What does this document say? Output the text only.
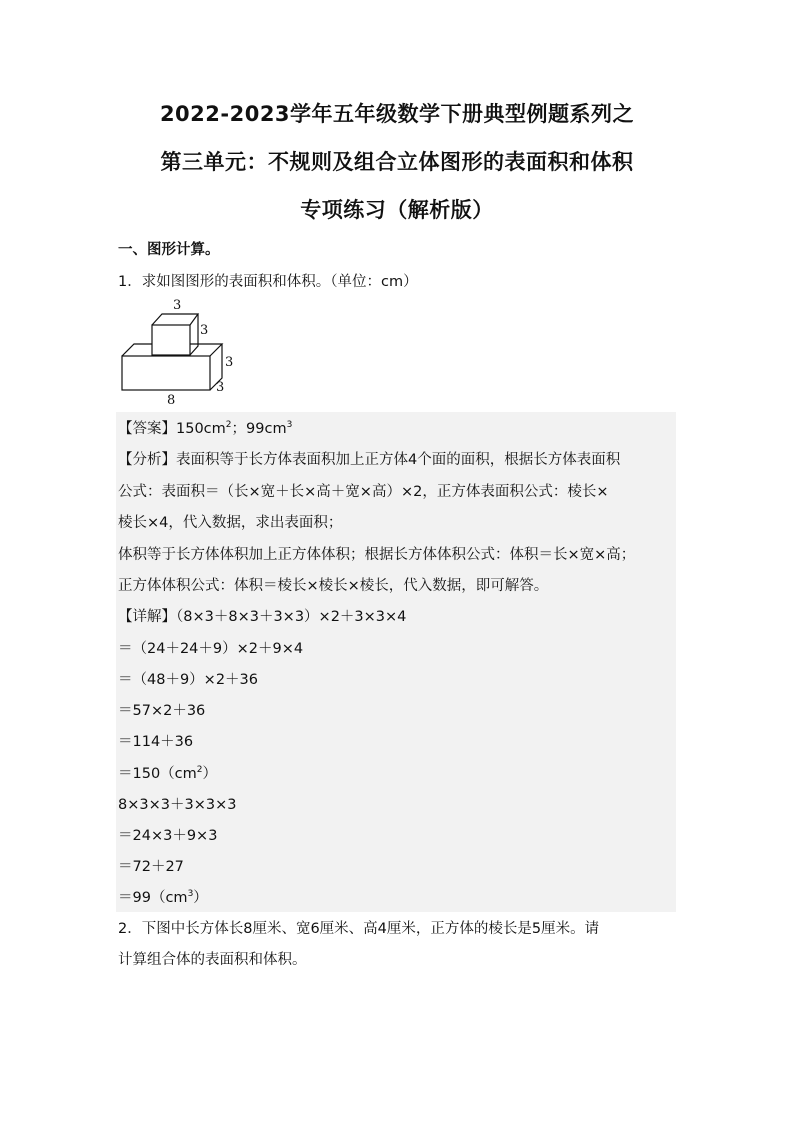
2022-2023学年五年级数学下册典型例题系列之
第三单元：不规则及组合立体图形的表面积和体积
专项练习（解析版）
一、图形计算。
1．求如图图形的表面积和体积。（单位：cm）
3
3
3
3
8
【答案】$150cm^2$；$99cm^3$
【分析】表面积等于长方体表面积加上正方体4个面的面积，根据长方体表面积
公式：表面积＝（长×宽＋长×高＋宽×高）×2，正方体表面积公式：棱长×
棱长×4，代入数据，求出表面积；
体积等于长方体体积加上正方体体积；根据长方体体积公式：体积＝长×宽×高；
正方体体积公式：体积＝棱长×棱长×棱长，代入数据，即可解答。
【详解】（8×3＋8×3＋3×3）×2＋3×3×4
＝（24＋24＋9）×2＋9×4
＝（48＋9）×2＋36
＝57×2＋36
＝114＋36
$=150(cm^2)$
8×3×3＋3×3×3
＝24×3＋9×3
＝72＋27
$=99(cm^3)$
2．下图中长方体长8厘米、宽6厘米、高4厘米，正方体的棱长是5厘米。请
计算组合体的表面积和体积。
